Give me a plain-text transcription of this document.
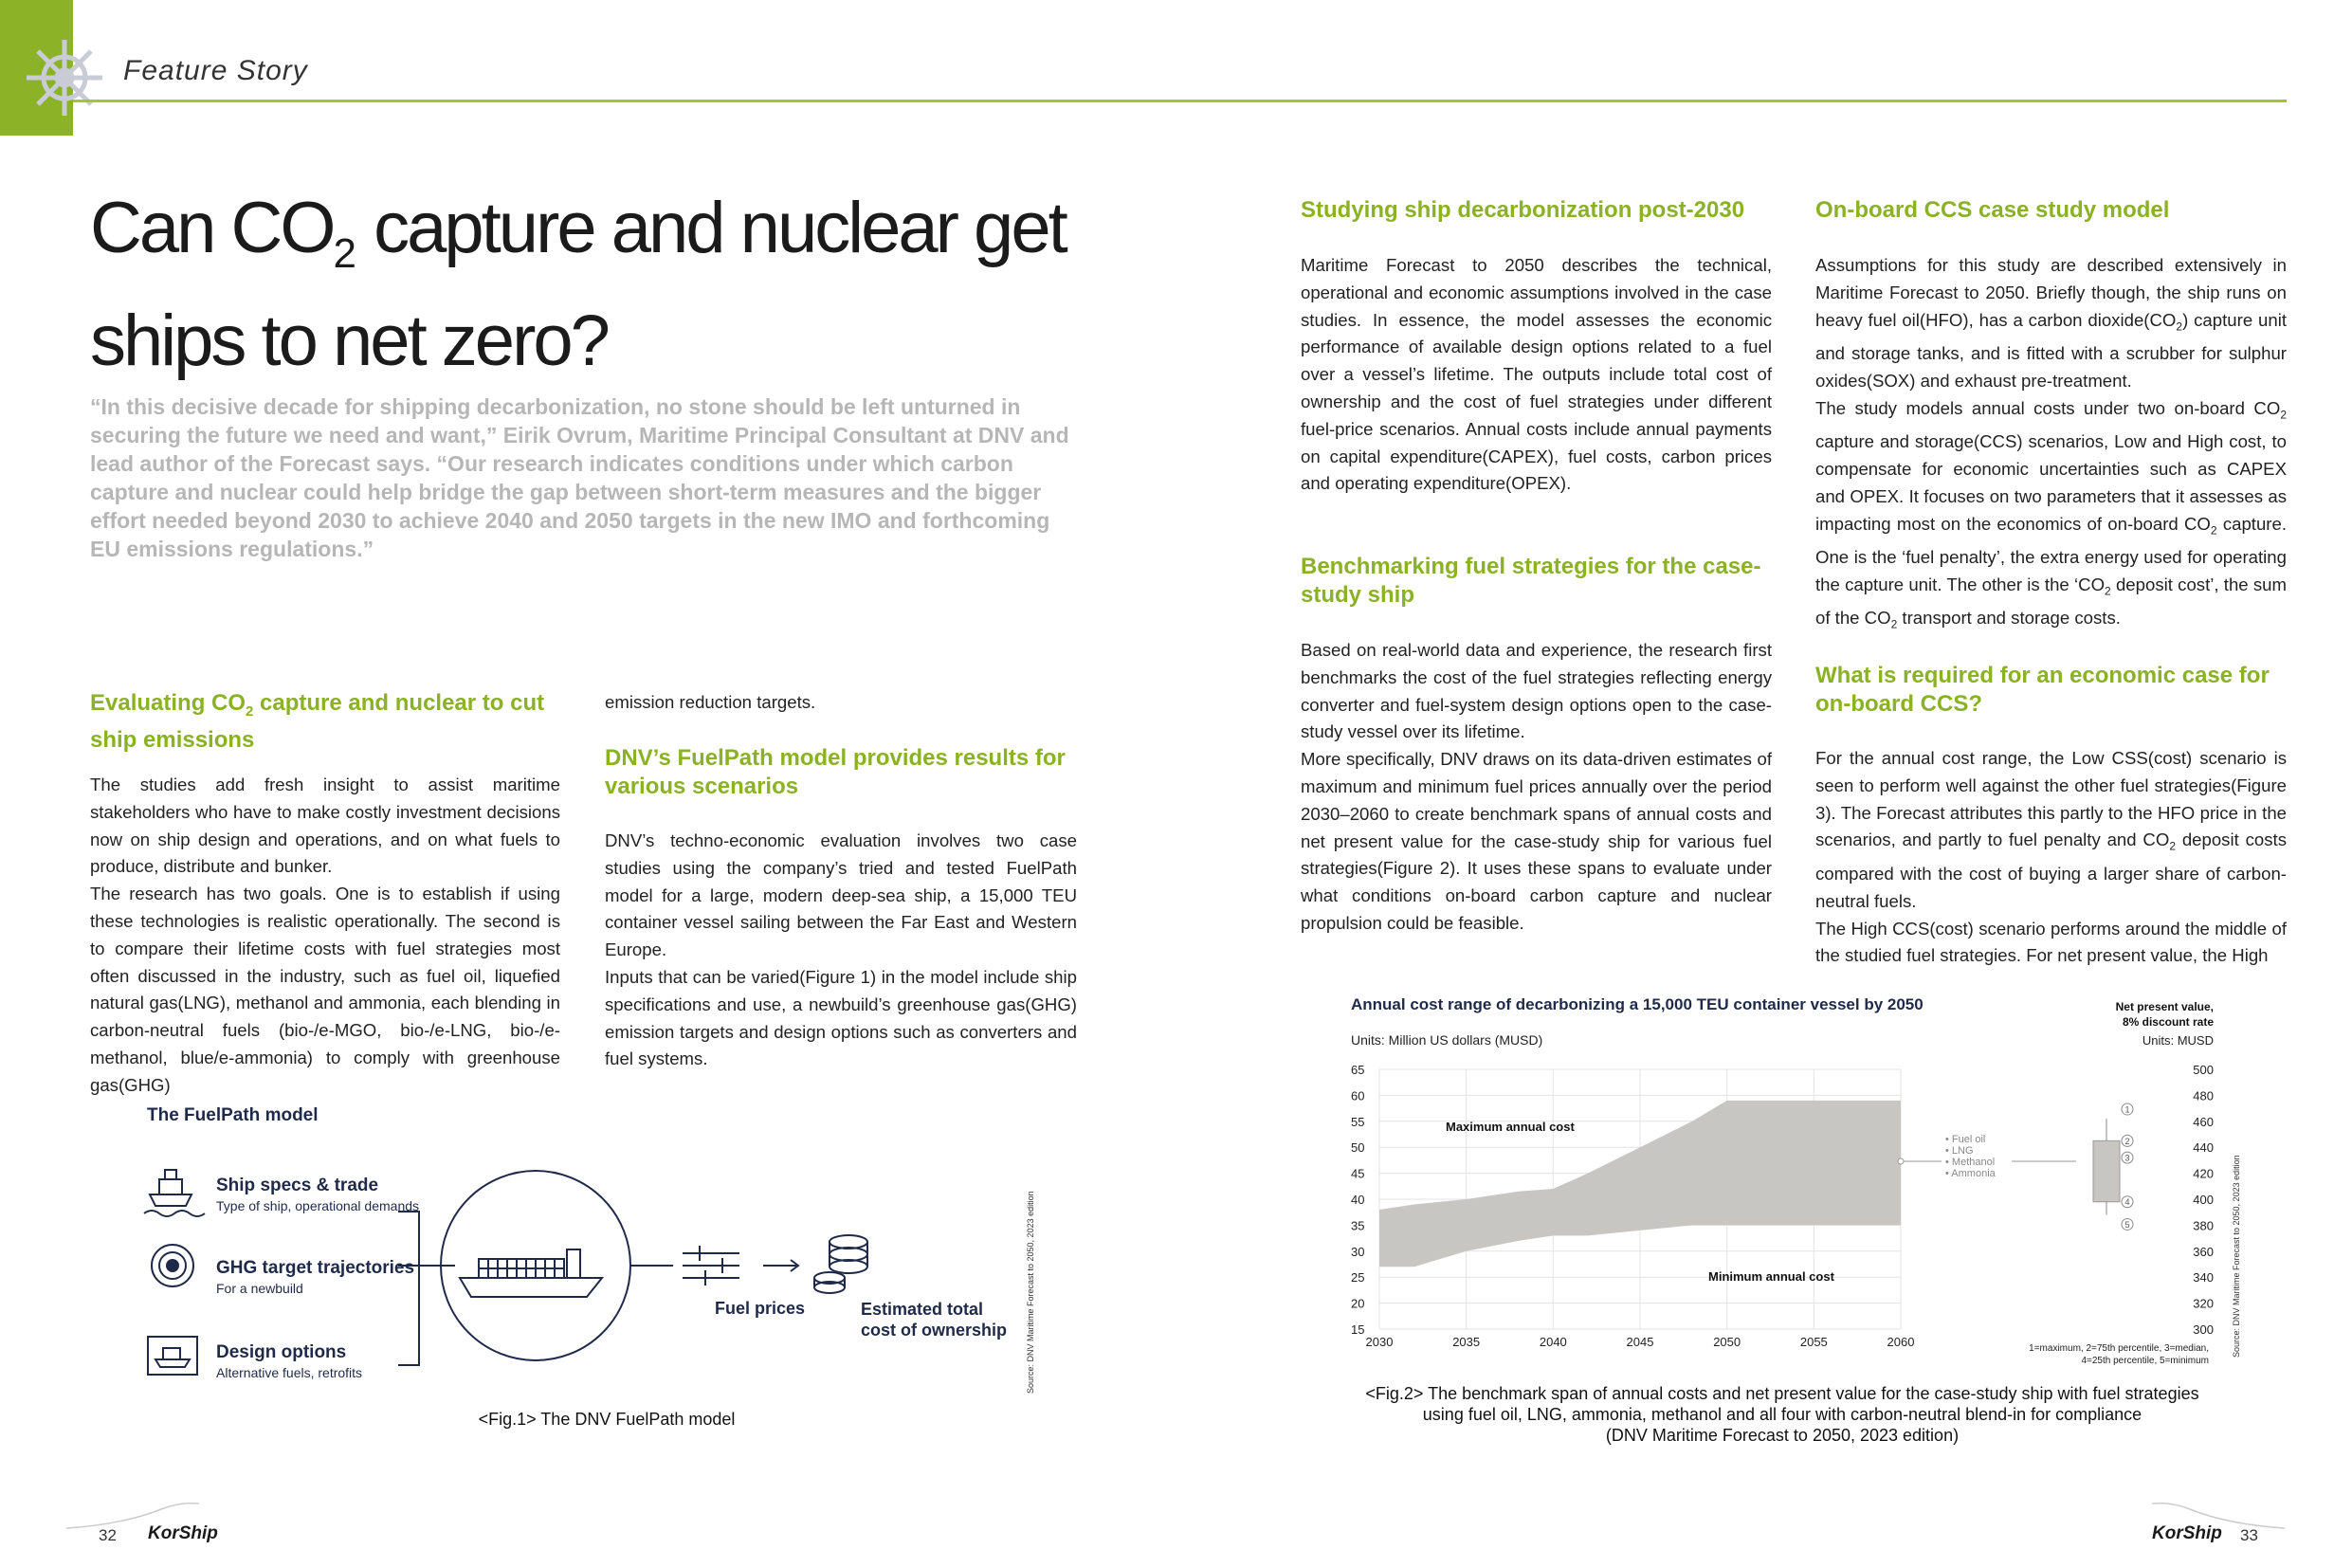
Feature Story
Can $CO_2$ capture and nuclear get ships to net zero?
“In this decisive decade for shipping decarbonization, no stone should be left unturned in securing the future we need and want,” Eirik Ovrum, Maritime Principal Consultant at DNV and lead author of the Forecast says. “Our research indicates conditions under which carbon capture and nuclear could help bridge the gap between short-term measures and the bigger effort needed beyond 2030 to achieve 2040 and 2050 targets in the new IMO and forthcoming EU emissions regulations.”
Evaluating $CO_2$ capture and nuclear to cut ship emissions

The studies add fresh insight to assist maritime stakeholders who have to make costly investment decisions now on ship design and operations, and on what fuels to produce, distribute and bunker.

The research has two goals. One is to establish if using these technologies is realistic operationally. The second is to compare their lifetime costs with fuel strategies most often discussed in the industry, such as fuel oil, liquefied natural gas(LNG), methanol and ammonia, each blending in carbon-neutral fuels (bio-/e-MGO, bio-/e-LNG, bio-/e-methanol, blue/e-ammonia) to comply with greenhouse gas(GHG)

emission reduction targets.
DNV’s FuelPath model provides results for various scenarios

DNV’s techno-economic evaluation involves two case studies using the company’s tried and tested FuelPath model for a large, modern deep-sea ship, a 15,000 TEU container vessel sailing between the Far East and Western Europe.

Inputs that can be varied(Figure 1) in the model include ship specifications and use, a newbuild’s greenhouse gas(GHG) emission targets and design options such as converters and fuel systems.

The FuelPath model
Ship specs & trade
Type of ship, operational demands
GHG target trajectories
For a newbuild
Design options
Alternative fuels, retrofits
Fuel prices	Estimated total
cost of ownership Source: DNV Maritime Forecast to 2050, 2023 edition
<Fig.1> The DNV FuelPath model
32 KorShip
Studying ship decarbonization post-2030
Maritime Forecast to 2050 describes the technical, operational and economic assumptions involved in the case studies. In essence, the model assesses the economic performance of available design options related to a fuel over a vessel’s lifetime. The outputs include total cost of ownership and the cost of fuel strategies under different fuel-price scenarios. Annual costs include annual payments on capital expenditure(CAPEX), fuel costs, carbon prices and operating expenditure(OPEX).
Benchmarking fuel strategies for the case-study ship

Based on real-world data and experience, the research first benchmarks the cost of the fuel strategies reflecting energy converter and fuel-system design options open to the case-study vessel over its lifetime.

More specifically, DNV draws on its data-driven estimates of maximum and minimum fuel prices annually over the period 2030–2060 to create benchmark spans of annual costs and net present value for the case-study ship for various fuel strategies(Figure 2). It uses these spans to evaluate under what conditions on-board carbon capture and nuclear propulsion could be feasible.

On-board CCS case study model

Assumptions for this study are described extensively in Maritime Forecast to 2050. Briefly though, the ship runs on heavy fuel oil(HFO), has a carbon $dioxide(CO_2)$ capture unit and storage tanks, and is fitted with a scrubber for sulphur oxides(SOX) and exhaust pre-treatment.

The study models annual costs under two on-board $CO_2$ capture and storage(CCS) scenarios, Low and High cost, to compensate for economic uncertainties such as CAPEX and OPEX. It focuses on two parameters that it assesses as impacting most on the economics of on-board $CO_2$ capture. One is the ‘fuel penalty’, the extra energy used for operating the capture unit. The other is the ‘$CO_2$ deposit cost’, the sum of the $CO_2$ transport and storage costs.

What is required for an economic case for on-board CCS?

For the annual cost range, the Low CSS(cost) scenario is seen to perform well against the other fuel strategies(Figure 3). The Forecast attributes this partly to the HFO price in the scenarios, and partly to fuel penalty and $CO_2$ deposit costs compared with the cost of buying a larger share of carbon-neutral fuels.

The High CCS(cost) scenario performs around the middle of the studied fuel strategies. For net present value, the High

Annual cost range of decarbonizing a 15,000 TEU container vessel by 2050
Units: Million US dollars (MUSD)
Net present value,
8% discount rate
Units: MUSD
65
60
55
50
45
40
35
30
25
20
15
2030	2035	2040	2045	2050	2055	2060
500
480
460
440
420
400
380
360
340
320
300
Maximum annual cost
Minimum annual cost
• Fuel oil
• LNG
• Methanol
• Ammonia
1
2
3
4
5
1=maximum, 2=75th percentile, 3=median,
4=25th percentile, 5=minimum
Source: DNV Maritime Forecast to 2050, 2023 edition
<Fig.2> The benchmark span of annual costs and net present value for the case-study ship with fuel strategies
using fuel oil, LNG, ammonia, methanol and all four with carbon-neutral blend-in for compliance
(DNV Maritime Forecast to 2050, 2023 edition)
KorShip 33
